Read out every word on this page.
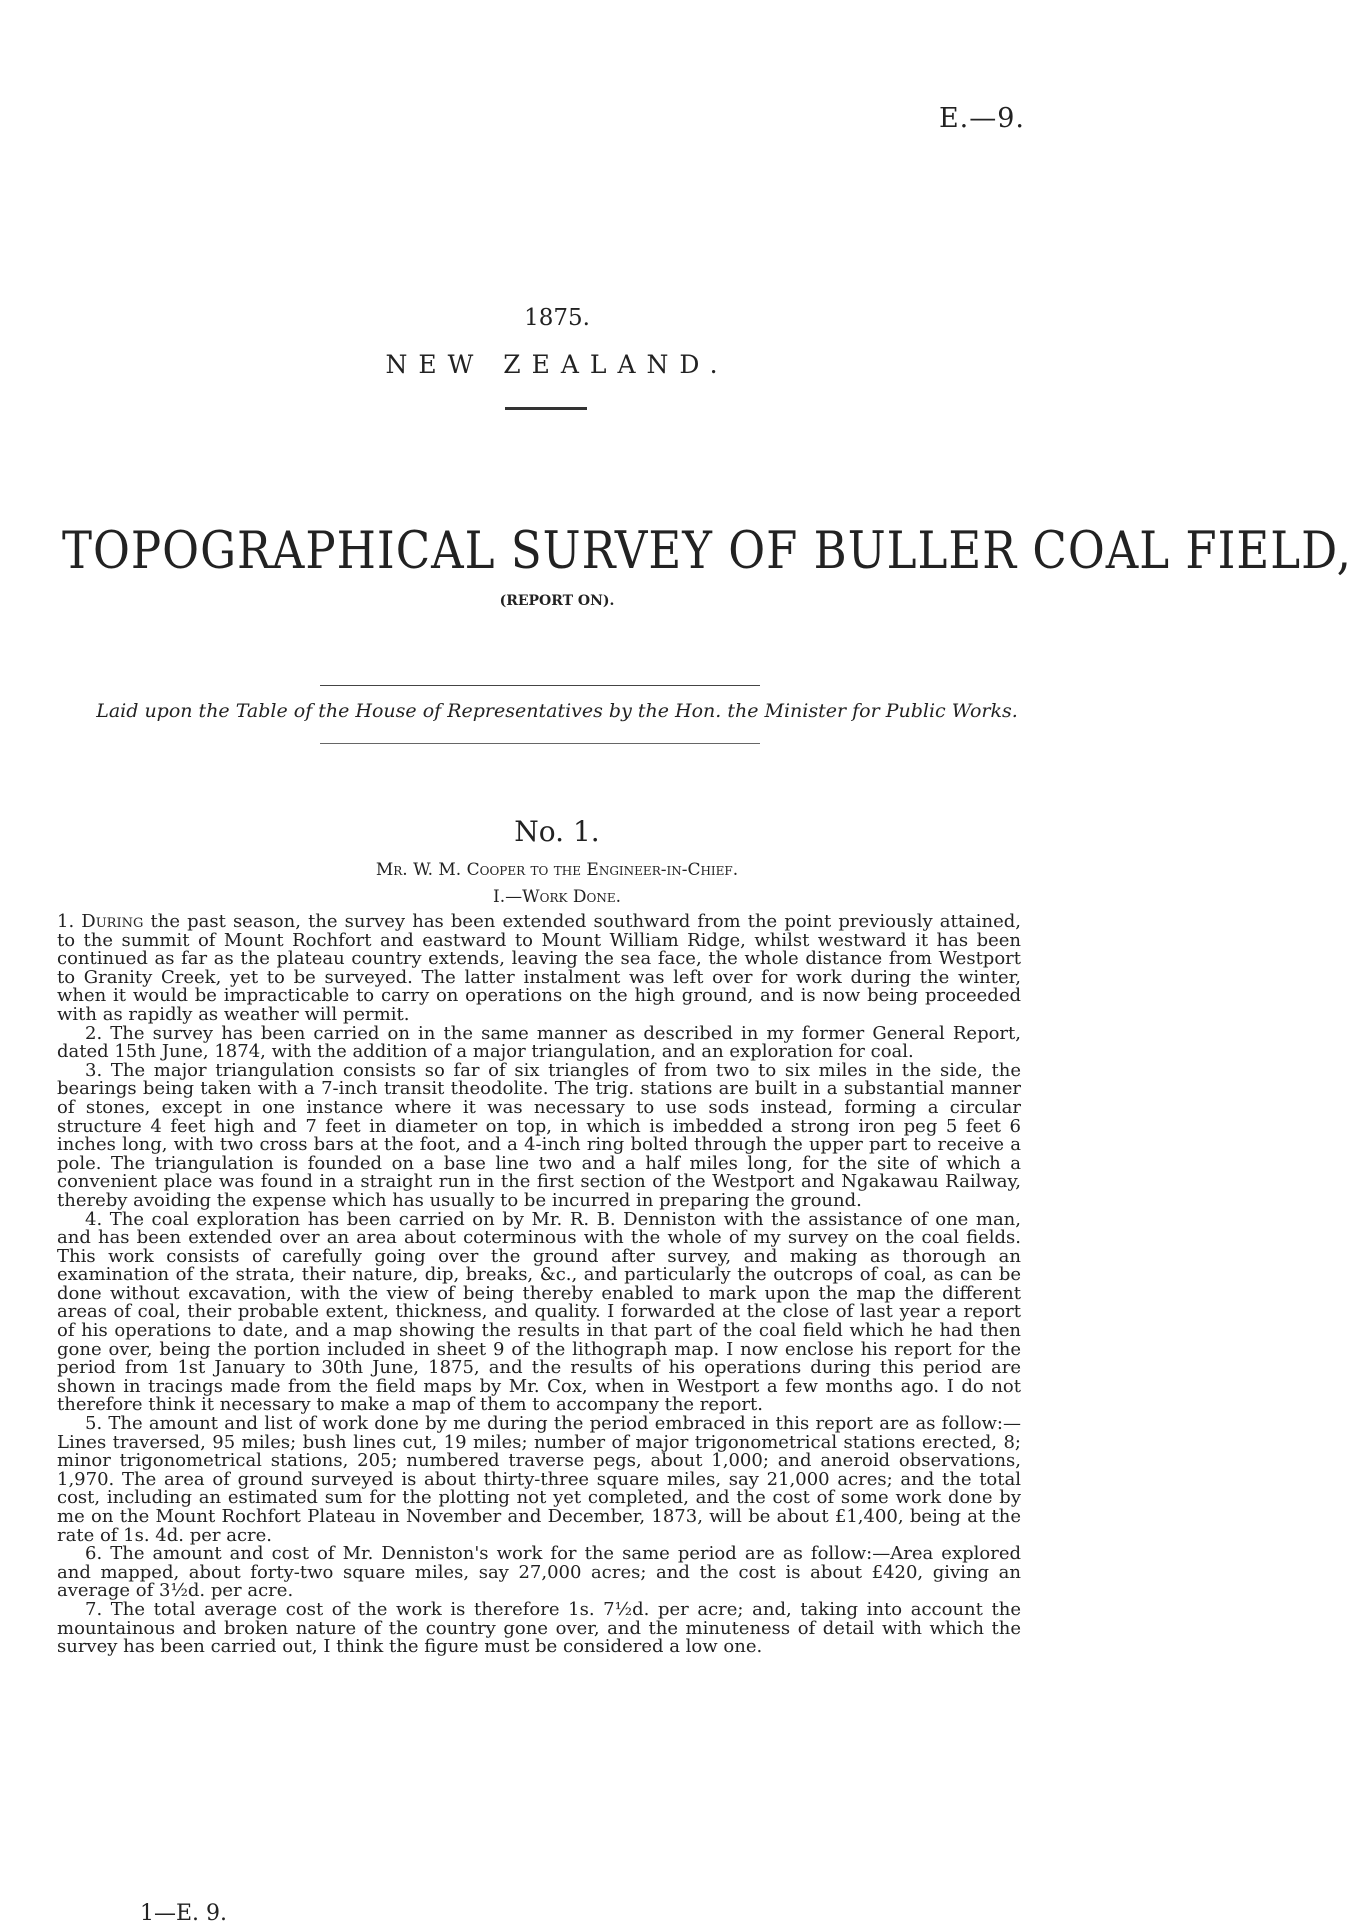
E.—9.
1875.
NEW ZEALAND.
TOPOGRAPHICAL SURVEY OF BULLER COAL FIELD,
(REPORT ON).
Laid upon the Table of the House of Representatives by the Hon. the Minister for Public Works.
No. 1.
Mr. W. M. Cooper to the Engineer-in-Chief.
I.—Work Done.

1. During the past season, the survey has been extended southward from the point previously attained, to the summit of Mount Rochfort and eastward to Mount William Ridge, whilst westward it has been continued as far as the plateau country extends, leaving the sea face, the whole distance from Westport to Granity Creek, yet to be surveyed. The latter instalment was left over for work during the winter, when it would be impracticable to carry on operations on the high ground, and is now being proceeded with as rapidly as weather will permit.

2. The survey has been carried on in the same manner as described in my former General Report, dated 15th June, 1874, with the addition of a major triangulation, and an exploration for coal.

3. The major triangulation consists so far of six triangles of from two to six miles in the side, the bearings being taken with a 7-inch transit theodolite. The trig. stations are built in a substantial manner of stones, except in one instance where it was necessary to use sods instead, forming a circular structure 4 feet high and 7 feet in diameter on top, in which is imbedded a strong iron peg 5 feet 6 inches long, with two cross bars at the foot, and a 4-inch ring bolted through the upper part to receive a pole. The triangulation is founded on a base line two and a half miles long, for the site of which a convenient place was found in a straight run in the first section of the Westport and Ngakawau Railway, thereby avoiding the expense which has usually to be incurred in preparing the ground.

4. The coal exploration has been carried on by Mr. R. B. Denniston with the assistance of one man, and has been extended over an area about coterminous with the whole of my survey on the coal fields. This work consists of carefully going over the ground after survey, and making as thorough an examination of the strata, their nature, dip, breaks, &c., and particularly the outcrops of coal, as can be done without excavation, with the view of being thereby enabled to mark upon the map the different areas of coal, their probable extent, thickness, and quality. I forwarded at the close of last year a report of his operations to date, and a map showing the results in that part of the coal field which he had then gone over, being the portion included in sheet 9 of the lithograph map. I now enclose his report for the period from 1st January to 30th June, 1875, and the results of his operations during this period are shown in tracings made from the field maps by Mr. Cox, when in Westport a few months ago. I do not therefore think it necessary to make a map of them to accompany the report.

5. The amount and list of work done by me during the period embraced in this report are as follow:—Lines traversed, 95 miles; bush lines cut, 19 miles; number of major trigonometrical stations erected, 8; minor trigonometrical stations, 205; numbered traverse pegs, about 1,000; and aneroid observations, 1,970. The area of ground surveyed is about thirty-three square miles, say 21,000 acres; and the total cost, including an estimated sum for the plotting not yet completed, and the cost of some work done by me on the Mount Rochfort Plateau in November and December, 1873, will be about £1,400, being at the rate of 1s. 4d. per acre.

6. The amount and cost of Mr. Denniston's work for the same period are as follow:—Area explored and mapped, about forty-two square miles, say 27,000 acres; and the cost is about £420, giving an average of 3½d. per acre.

7. The total average cost of the work is therefore 1s. 7½d. per acre; and, taking into account the mountainous and broken nature of the country gone over, and the minuteness of detail with which the survey has been carried out, I think the figure must be considered a low one.

1—E. 9.
